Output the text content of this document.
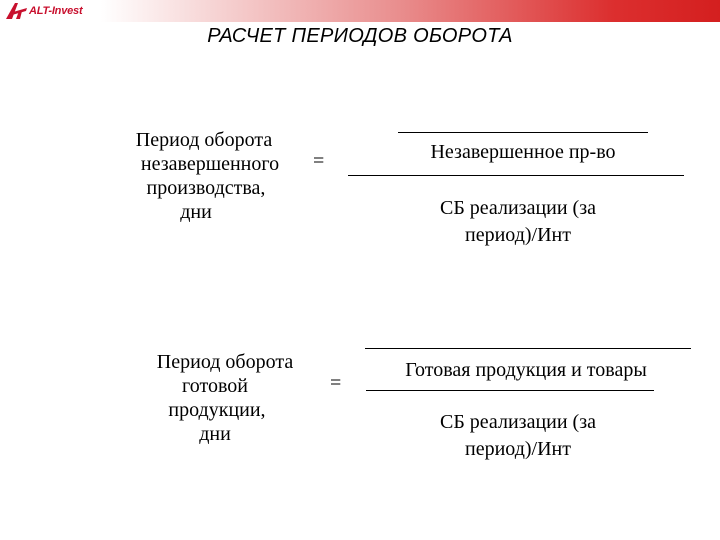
ALT-Invest
РАСЧЕТ ПЕРИОДОВ ОБОРОТА
Период оборота
незавершенного
производства,
дни
=	Незавершенное пр-во
СБ реализации (за
период)/Инт
Период оборота
готовой
продукции,
дни
=
Готовая продукция и товары
СБ реализации (за
период)/Инт
